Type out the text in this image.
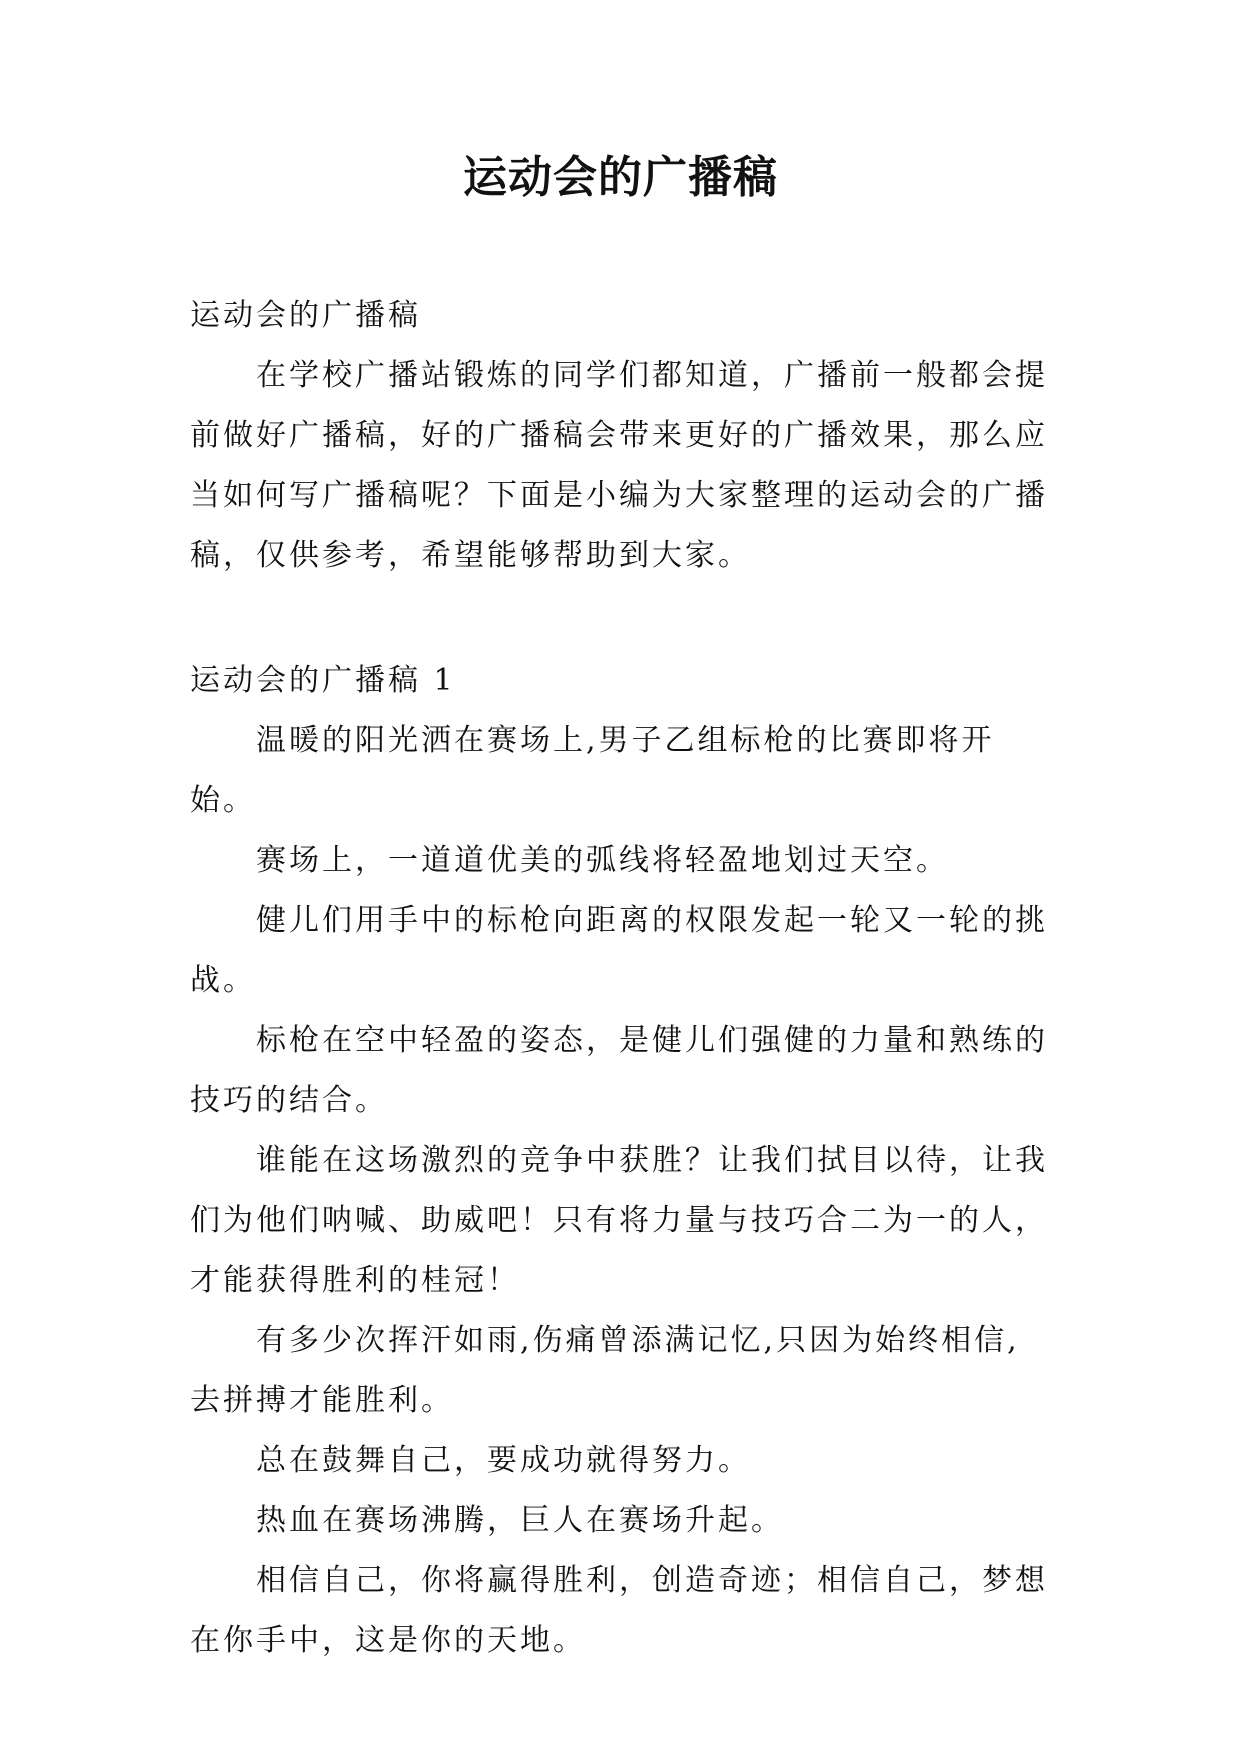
运动会的广播稿

运动会的广播稿

在学校广播站锻炼的同学们都知道，广播前一般都会提前做好广播稿，好的广播稿会带来更好的广播效果，那么应当如何写广播稿呢？下面是小编为大家整理的运动会的广播稿，仅供参考，希望能够帮助到大家。

运动会的广播稿 1

温暖的阳光洒在赛场上,男子乙组标枪的比赛即将开始。

赛场上，一道道优美的弧线将轻盈地划过天空。

健儿们用手中的标枪向距离的权限发起一轮又一轮的挑战。

标枪在空中轻盈的姿态，是健儿们强健的力量和熟练的技巧的结合。

谁能在这场激烈的竞争中获胜？让我们拭目以待，让我们为他们呐喊、助威吧！只有将力量与技巧合二为一的人，才能获得胜利的桂冠！

有多少次挥汗如雨,伤痛曾添满记忆,只因为始终相信,去拼搏才能胜利。

总在鼓舞自己，要成功就得努力。

热血在赛场沸腾，巨人在赛场升起。

相信自己，你将赢得胜利，创造奇迹；相信自己，梦想在你手中，这是你的天地。
